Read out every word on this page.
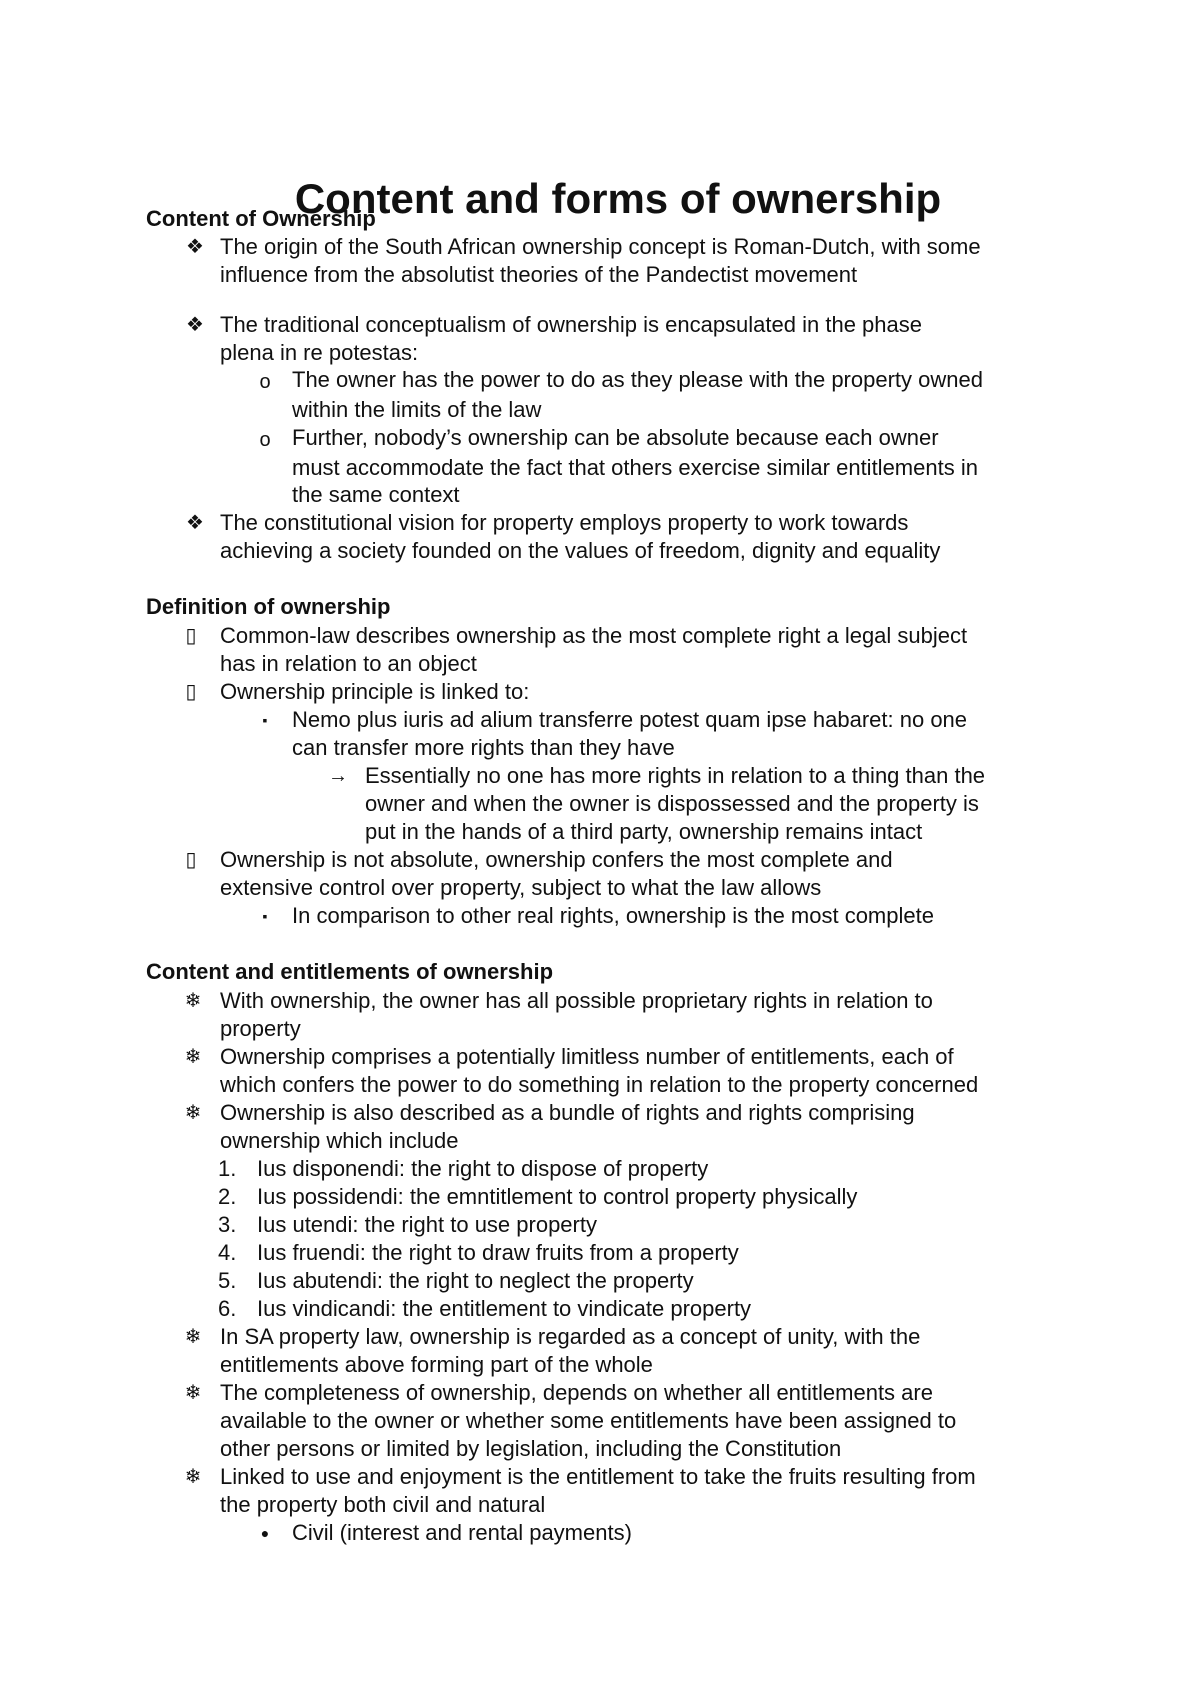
Content and forms of ownership
Content of Ownership
❖ The origin of the South African ownership concept is Roman-Dutch, with some
influence from the absolutist theories of the Pandectist movement
❖ The traditional conceptualism of ownership is encapsulated in the phase
plena in re potestas:
o The owner has the power to do as they please with the property owned
within the limits of the law
o Further, nobody’s ownership can be absolute because each owner
must accommodate the fact that others exercise similar entitlements in
the same context
❖ The constitutional vision for property employs property to work towards
achieving a society founded on the values of freedom, dignity and equality
Definition of ownership
▯ Common-law describes ownership as the most complete right a legal subject
has in relation to an object
▯ Ownership principle is linked to:
▪	Nemo plus iuris ad alium transferre potest quam ipse habaret: no one
can transfer more rights than they have
→ Essentially no one has more rights in relation to a thing than the
owner and when the owner is dispossessed and the property is
put in the hands of a third party, ownership remains intact
▯ Ownership is not absolute, ownership confers the most complete and
extensive control over property, subject to what the law allows
▪	In comparison to other real rights, ownership is the most complete
Content and entitlements of ownership
❄ With ownership, the owner has all possible proprietary rights in relation to
property
❄ Ownership comprises a potentially limitless number of entitlements, each of
which confers the power to do something in relation to the property concerned
❄ Ownership is also described as a bundle of rights and rights comprising
ownership which include
1. Ius disponendi: the right to dispose of property
2. Ius possidendi: the emntitlement to control property physically
3. Ius utendi: the right to use property
4. Ius fruendi: the right to draw fruits from a property
5. Ius abutendi: the right to neglect the property
6. Ius vindicandi: the entitlement to vindicate property
❄ In SA property law, ownership is regarded as a concept of unity, with the
entitlements above forming part of the whole
❄ The completeness of ownership, depends on whether all entitlements are
available to the owner or whether some entitlements have been assigned to
other persons or limited by legislation, including the Constitution
❄ Linked to use and enjoyment is the entitlement to take the fruits resulting from
the property both civil and natural
●	Civil (interest and rental payments)
